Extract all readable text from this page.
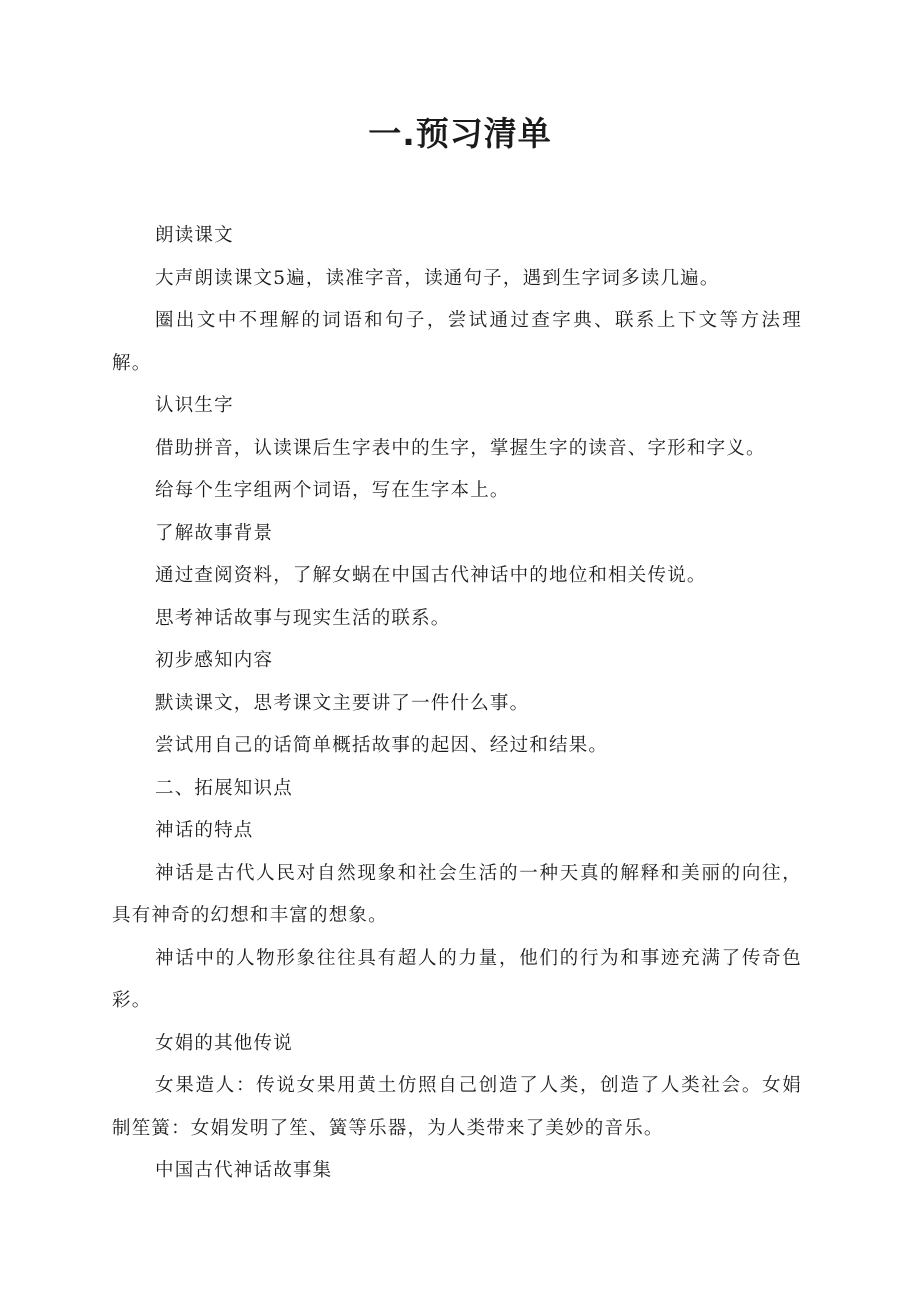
一.预习清单

朗读课文

大声朗读课文5遍，读准字音，读通句子，遇到生字词多读几遍。

圈出文中不理解的词语和句子，尝试通过查字典、联系上下文等方法理解。

认识生字

借助拼音，认读课后生字表中的生字，掌握生字的读音、字形和字义。

给每个生字组两个词语，写在生字本上。

了解故事背景

通过查阅资料，了解女蜗在中国古代神话中的地位和相关传说。

思考神话故事与现实生活的联系。

初步感知内容

默读课文，思考课文主要讲了一件什么事。

尝试用自己的话简单概括故事的起因、经过和结果。

二、拓展知识点

神话的特点

神话是古代人民对自然现象和社会生活的一种天真的解释和美丽的向往，具有神奇的幻想和丰富的想象。

神话中的人物形象往往具有超人的力量，他们的行为和事迹充满了传奇色彩。

女娟的其他传说

女果造人：传说女果用黄土仿照自己创造了人类，创造了人类社会。女娟制笙簧：女娟发明了笙、簧等乐器，为人类带来了美妙的音乐。

中国古代神话故事集
